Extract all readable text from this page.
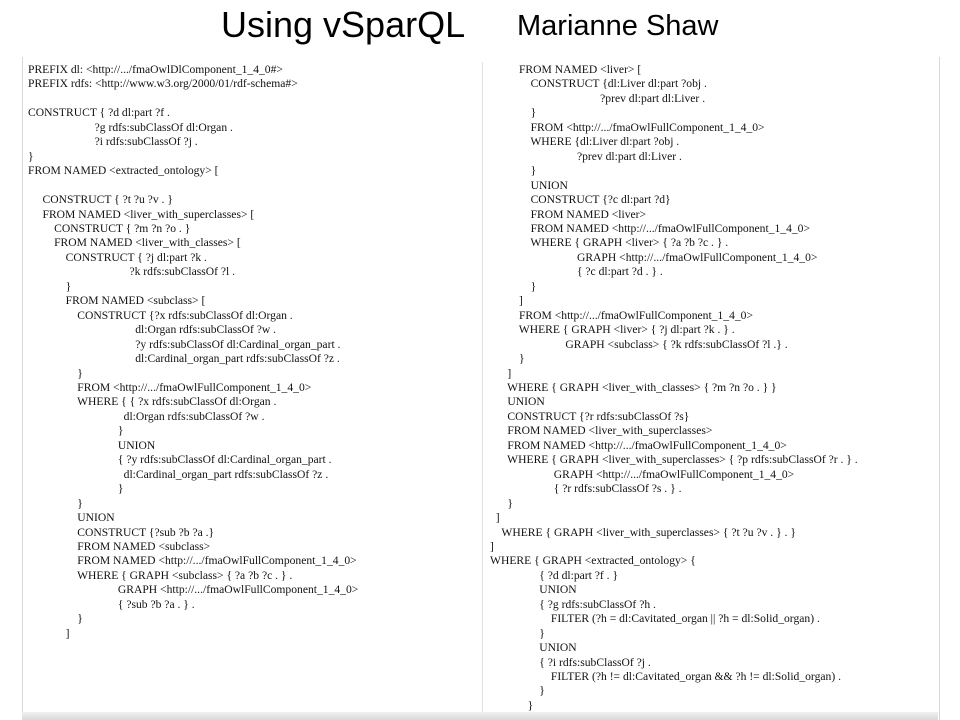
Using vSparQL Marianne Shaw
PREFIX dl: <http://.../fmaOwlDlComponent_1_4_0#>
PREFIX rdfs: <http://www.w3.org/2000/01/rdf-schema#>

CONSTRUCT { ?d dl:part ?f .
?g rdfs:subClassOf dl:Organ .
?i rdfs:subClassOf ?j .
}
FROM NAMED <extracted_ontology> [

CONSTRUCT { ?t ?u ?v . }
FROM NAMED <liver_with_superclasses> [
CONSTRUCT { ?m ?n ?o . }
FROM NAMED <liver_with_classes> [
CONSTRUCT { ?j dl:part ?k .
?k rdfs:subClassOf ?l .
}
FROM NAMED <subclass> [
CONSTRUCT {?x rdfs:subClassOf dl:Organ .
dl:Organ rdfs:subClassOf ?w .
?y rdfs:subClassOf dl:Cardinal_organ_part .
dl:Cardinal_organ_part rdfs:subClassOf ?z .
}
FROM <http://.../fmaOwlFullComponent_1_4_0>
WHERE { { ?x rdfs:subClassOf dl:Organ .
dl:Organ rdfs:subClassOf ?w .
}
UNION
{ ?y rdfs:subClassOf dl:Cardinal_organ_part .
dl:Cardinal_organ_part rdfs:subClassOf ?z .
}
}
UNION
CONSTRUCT {?sub ?b ?a .}
FROM NAMED <subclass>
FROM NAMED <http://.../fmaOwlFullComponent_1_4_0>
WHERE { GRAPH <subclass> { ?a ?b ?c . } .
GRAPH <http://.../fmaOwlFullComponent_1_4_0>
{ ?sub ?b ?a . } .
}
]
FROM NAMED <liver> [
CONSTRUCT {dl:Liver dl:part ?obj .
?prev dl:part dl:Liver .
}
FROM <http://.../fmaOwlFullComponent_1_4_0>
WHERE {dl:Liver dl:part ?obj .
?prev dl:part dl:Liver .
}
UNION
CONSTRUCT {?c dl:part ?d}
FROM NAMED <liver>
FROM NAMED <http://.../fmaOwlFullComponent_1_4_0>
WHERE { GRAPH <liver> { ?a ?b ?c . } .
GRAPH <http://.../fmaOwlFullComponent_1_4_0>
{ ?c dl:part ?d . } .
}
]
FROM <http://.../fmaOwlFullComponent_1_4_0>
WHERE { GRAPH <liver> { ?j dl:part ?k . } .
GRAPH <subclass> { ?k rdfs:subClassOf ?l .} .
}
]
WHERE { GRAPH <liver_with_classes> { ?m ?n ?o . } }
UNION
CONSTRUCT {?r rdfs:subClassOf ?s}
FROM NAMED <liver_with_superclasses>
FROM NAMED <http://.../fmaOwlFullComponent_1_4_0>
WHERE { GRAPH <liver_with_superclasses> { ?p rdfs:subClassOf ?r . } .
GRAPH <http://.../fmaOwlFullComponent_1_4_0>
{ ?r rdfs:subClassOf ?s . } .
}
]
WHERE { GRAPH <liver_with_superclasses> { ?t ?u ?v . } . }
]
WHERE { GRAPH <extracted_ontology> {
{ ?d dl:part ?f . }
UNION
{ ?g rdfs:subClassOf ?h .
FILTER (?h = dl:Cavitated_organ || ?h = dl:Solid_organ) .
}
UNION
{ ?i rdfs:subClassOf ?j .
FILTER (?h != dl:Cavitated_organ && ?h != dl:Solid_organ) .
}
}
